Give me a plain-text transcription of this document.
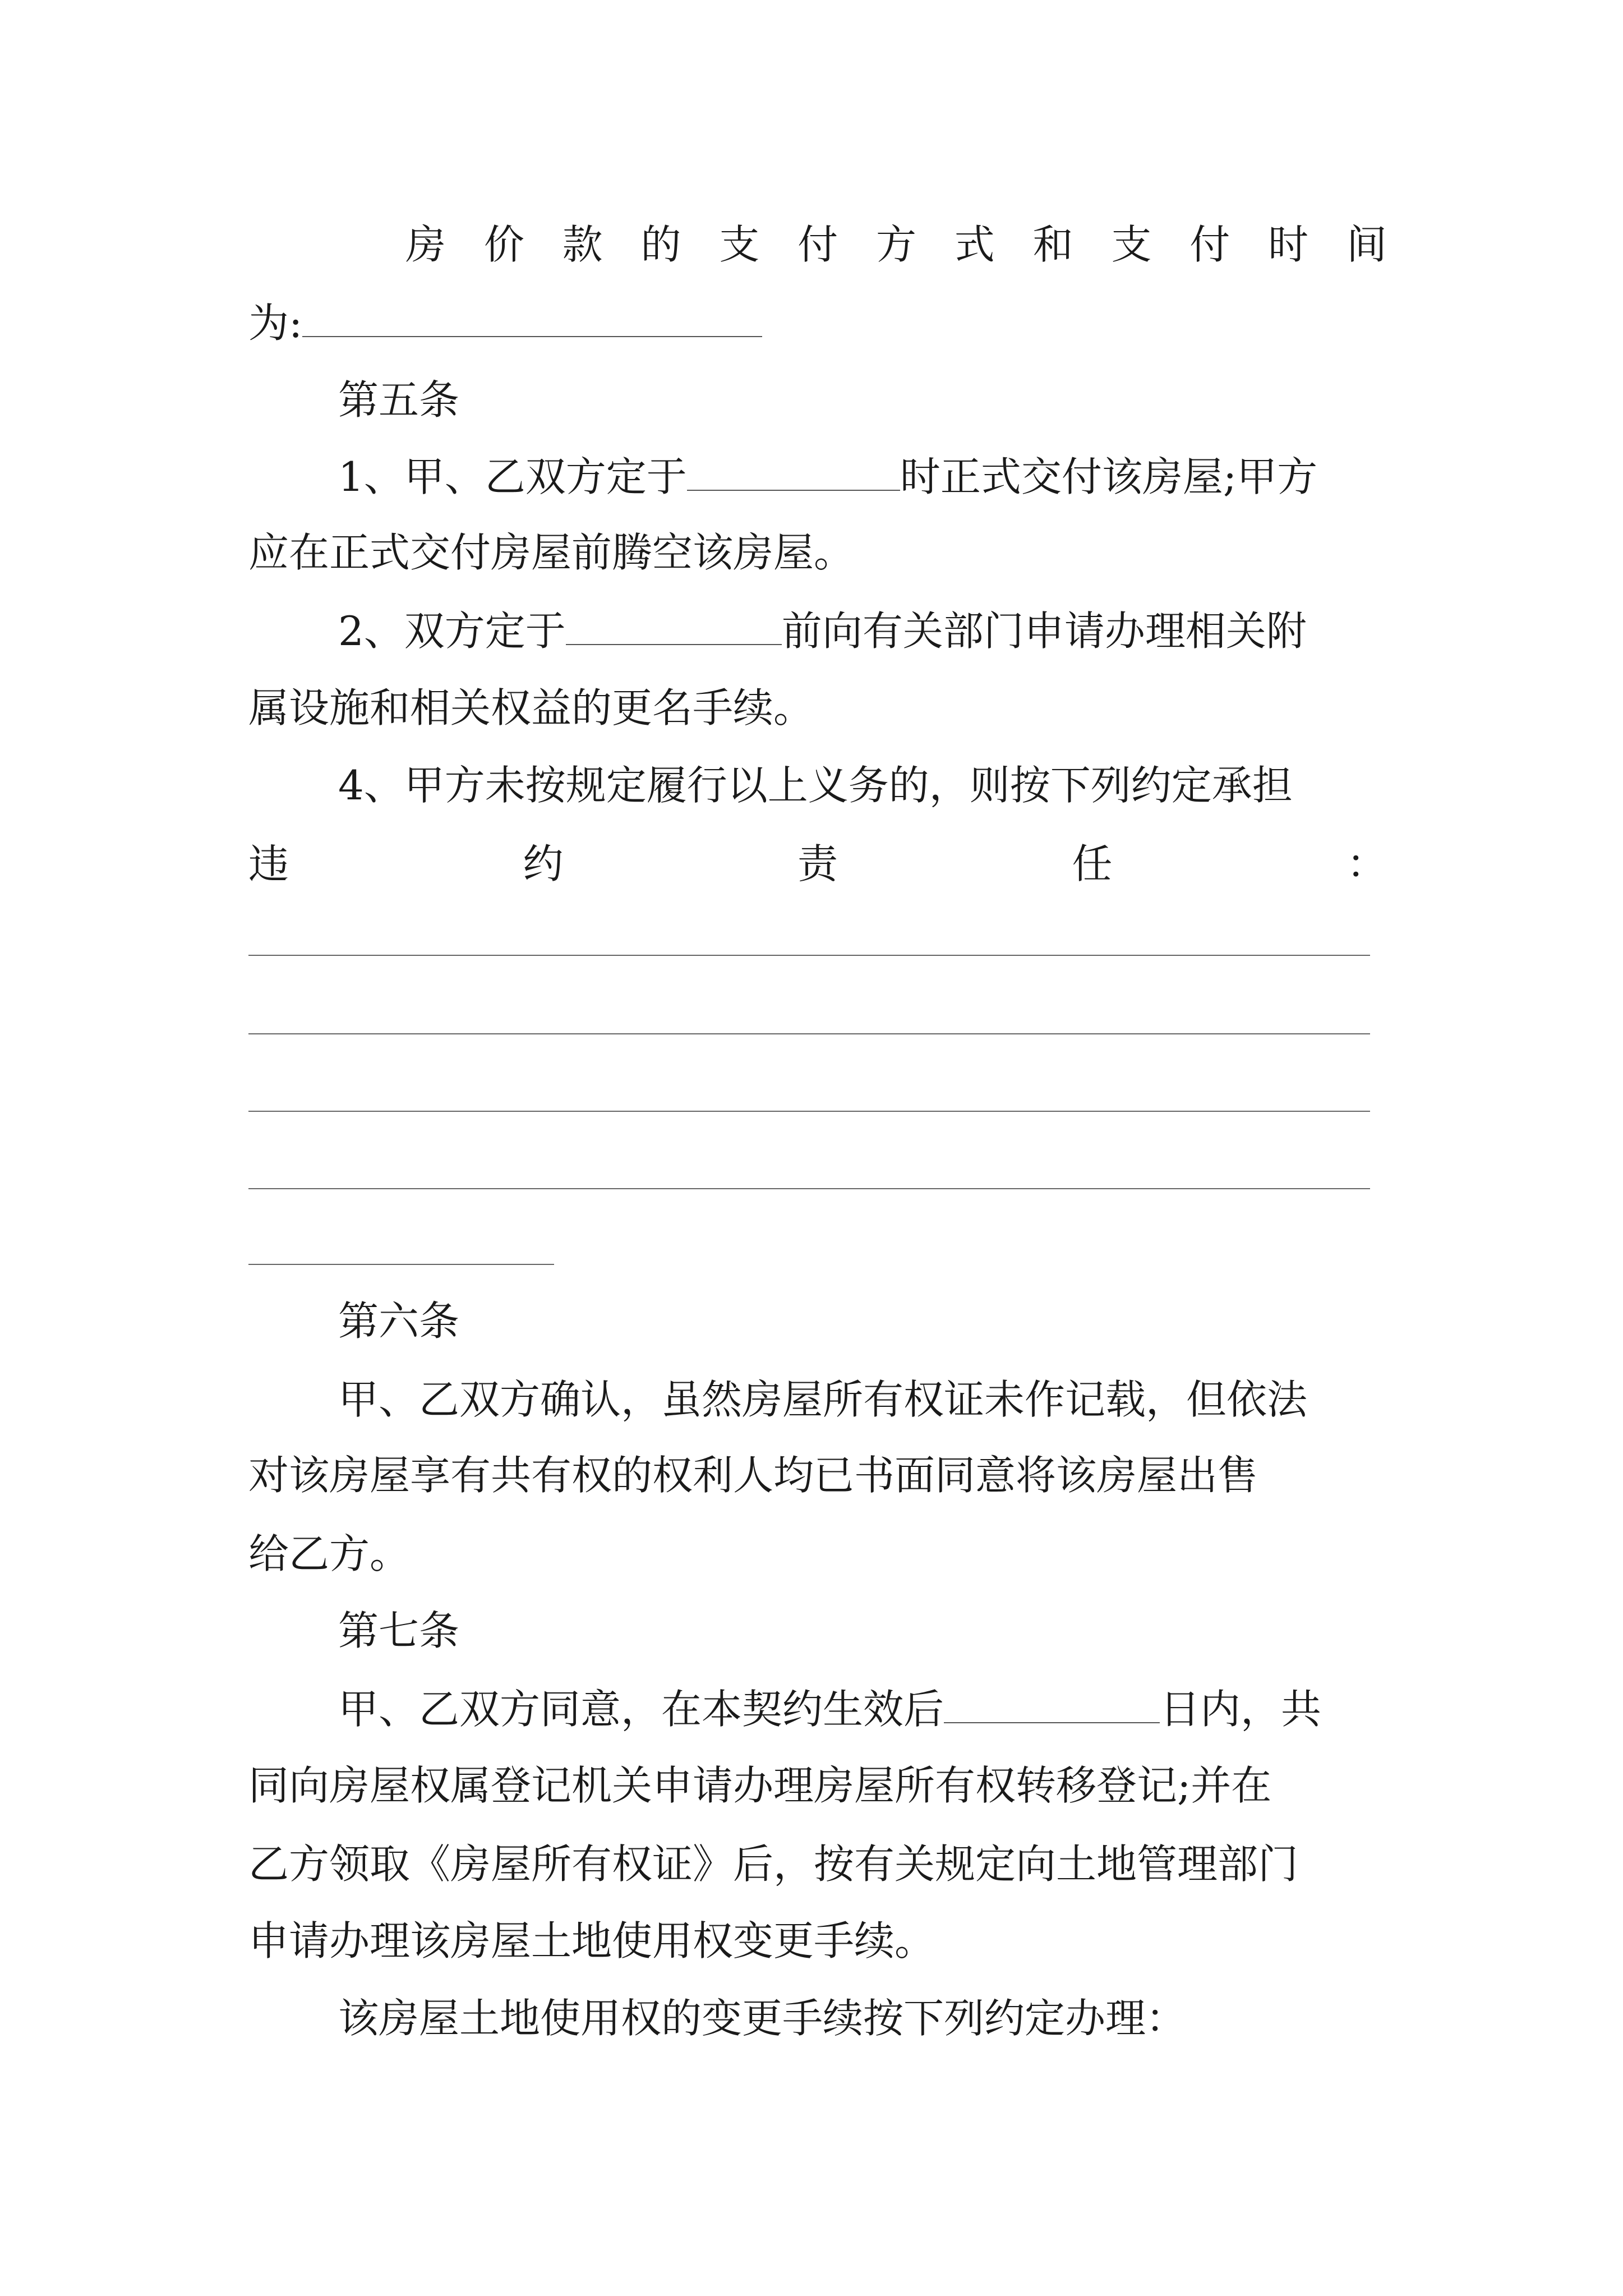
房 价 款 的 支 付 方 式 和 支 付 时 间
为:
第五条
1、甲、乙双方定于	时正式交付该房屋;甲方
应在正式交付房屋前腾空该房屋。
2、双方定于	前向有关部门申请办理相关附
属设施和相关权益的更名手续。
4、甲方未按规定履行以上义务的，则按下列约定承担
违	约	责	任	：
第六条
甲、乙双方确认，虽然房屋所有权证未作记载，但依法
对该房屋享有共有权的权利人均已书面同意将该房屋出售
给乙方。
第七条
甲、乙双方同意，在本契约生效后	日内，共
同向房屋权属登记机关申请办理房屋所有权转移登记;并在
乙方领取《房屋所有权证》后，按有关规定向土地管理部门
申请办理该房屋土地使用权变更手续。
该房屋土地使用权的变更手续按下列约定办理：
